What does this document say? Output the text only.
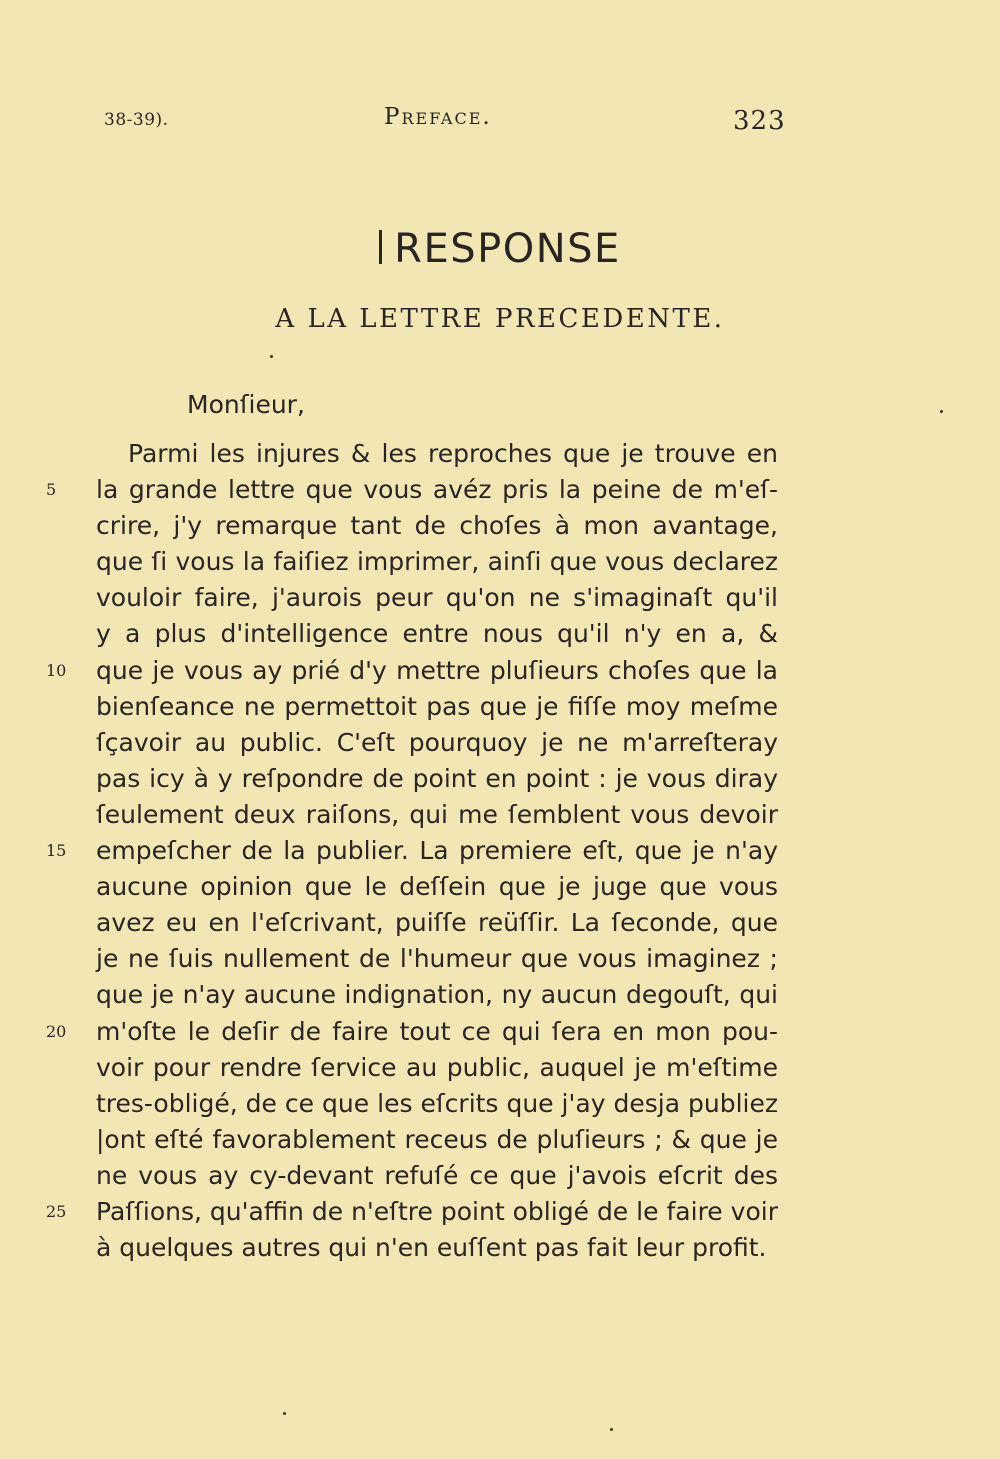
38-39).	Preface.	323
RESPONSE
A LA LETTRE PRECEDENTE.
Monſieur,
Parmi les injures & les reproches que je trouve en
5	la grande lettre que vous avéz pris la peine de m'eſ-
crire, j'y remarque tant de choſes à mon avantage,
que ſi vous la faiſiez imprimer, ainſi que vous declarez
vouloir faire, j'aurois peur qu'on ne s'imaginaſt qu'il
y a plus d'intelligence entre nous qu'il n'y en a, &
10 que je vous ay prié d'y mettre pluſieurs choſes que la
bienſeance ne permettoit pas que je fiſſe moy meſme
ſçavoir au public. C'eſt pourquoy je ne m'arreſteray
pas icy à y reſpondre de point en point : je vous diray
ſeulement deux raiſons, qui me ſemblent vous devoir
15 empeſcher de la publier. La premiere eſt, que je n'ay
aucune opinion que le deſſein que je juge que vous
avez eu en l'eſcrivant, puiſſe reüſſir. La ſeconde, que
je ne ſuis nullement de l'humeur que vous imaginez ;
que je n'ay aucune indignation, ny aucun degouſt, qui
20 m'oſte le deſir de faire tout ce qui ſera en mon pou-
voir pour rendre ſervice au public, auquel je m'eſtime
tres-obligé, de ce que les eſcrits que j'ay desja publiez
|ont eſté favorablement receus de pluſieurs ; & que je
ne vous ay cy-devant refuſé ce que j'avois eſcrit des
25 Paſſions, qu'affin de n'eſtre point obligé de le faire voir
à quelques autres qui n'en euſſent pas fait leur profit.
